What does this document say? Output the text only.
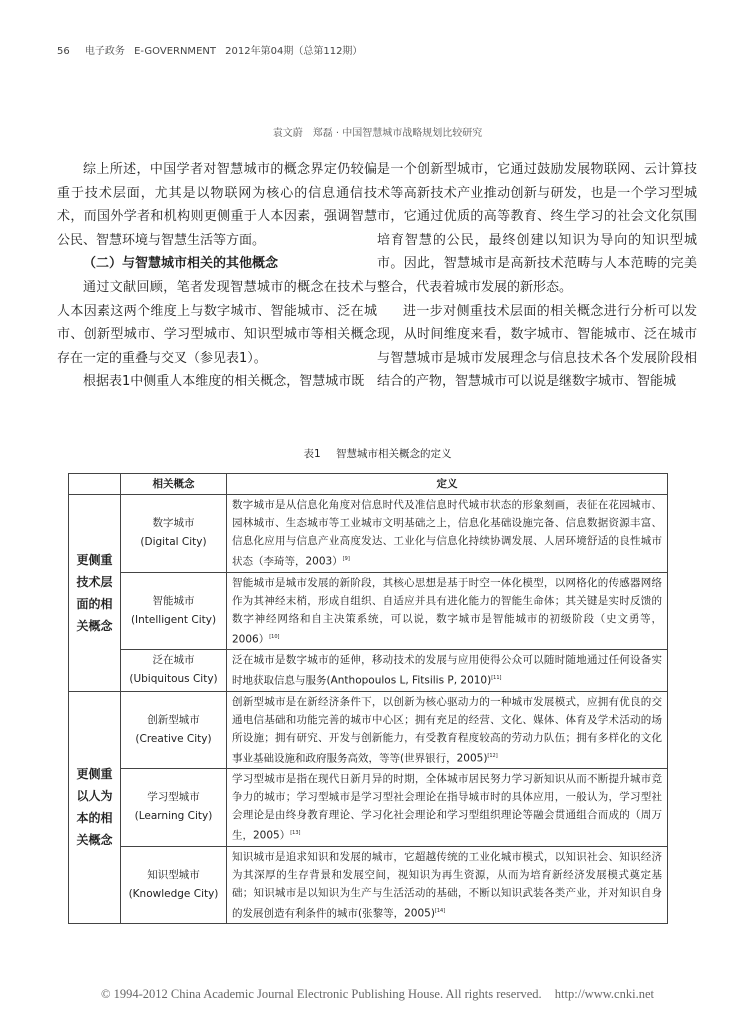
56 电子政务 E-GOVERNMENT 2012年第04期（总第112期）
袁文蔚　郑磊 · 中国智慧城市战略规划比较研究

综上所述，中国学者对智慧城市的概念界定仍较偏重于技术层面，尤其是以物联网为核心的信息通信技术，而国外学者和机构则更侧重于人本因素，强调智慧公民、智慧环境与智慧生活等方面。

（二）与智慧城市相关的其他概念

通过文献回顾，笔者发现智慧城市的概念在技术与人本因素这两个维度上与数字城市、智能城市、泛在城市、创新型城市、学习型城市、知识型城市等相关概念存在一定的重叠与交叉（参见表1）。

根据表1中侧重人本维度的相关概念，智慧城市既

是一个创新型城市，它通过鼓励发展物联网、云计算技术等高新技术产业推动创新与研发，也是一个学习型城市，它通过优质的高等教育、终生学习的社会文化氛围培育智慧的公民，最终创建以知识为导向的知识型城市。因此，智慧城市是高新技术范畴与人本范畴的完美整合，代表着城市发展的新形态。

进一步对侧重技术层面的相关概念进行分析可以发现，从时间维度来看，数字城市、智能城市、泛在城市与智慧城市是城市发展理念与信息技术各个发展阶段相结合的产物，智慧城市可以说是继数字城市、智能城

表1 智慧城市相关概念的定义
	相关概念	定义
更侧重技术层面的相关概念	数字城市
(Digital City)	数字城市是从信息化角度对信息时代及准信息时代城市状态的形象刻画，表征在花园城市、园林城市、生态城市等工业城市文明基础之上，信息化基础设施完备、信息数据资源丰富、信息化应用与信息产业高度发达、工业化与信息化持续协调发展、人居环境舒适的良性城市状态（李琦等，2003）[9]
	智能城市
(Intelligent City)	智能城市是城市发展的新阶段，其核心思想是基于时空一体化模型，以网格化的传感器网络作为其神经末梢，形成自组织、自适应并具有进化能力的智能生命体；其关键是实时反馈的数字神经网络和自主决策系统，可以说，数字城市是智能城市的初级阶段（史文勇等，2006）[10]
	泛在城市
(Ubiquitous City)	泛在城市是数字城市的延伸，移动技术的发展与应用使得公众可以随时随地通过任何设备实时地获取信息与服务(Anthopoulos L, Fitsilis P, 2010)[11]
更侧重以人为本的相关概念	创新型城市
(Creative City)	创新型城市是在新经济条件下，以创新为核心驱动力的一种城市发展模式，应拥有优良的交通电信基础和功能完善的城市中心区；拥有充足的经营、文化、媒体、体育及学术活动的场所设施；拥有研究、开发与创新能力，有受教育程度较高的劳动力队伍；拥有多样化的文化事业基础设施和政府服务高效，等等(世界银行，2005)[12]
	学习型城市
(Learning City)	学习型城市是指在现代日新月异的时期，全体城市居民努力学习新知识从而不断提升城市竞争力的城市；学习型城市是学习型社会理论在指导城市时的具体应用，一般认为，学习型社会理论是由终身教育理论、学习化社会理论和学习型组织理论等融会贯通组合而成的（周万生，2005）[13]
	知识型城市
(Knowledge City)	知识城市是追求知识和发展的城市，它超越传统的工业化城市模式，以知识社会、知识经济为其深厚的生存背景和发展空间，视知识为再生资源，从而为培育新经济发展模式奠定基础；知识城市是以知识为生产与生活活动的基础，不断以知识武装各类产业，并对知识自身的发展创造有利条件的城市(张黎等，2005)[14]
© 1994-2012 China Academic Journal Electronic Publishing House. All rights reserved. http://www.cnki.net
